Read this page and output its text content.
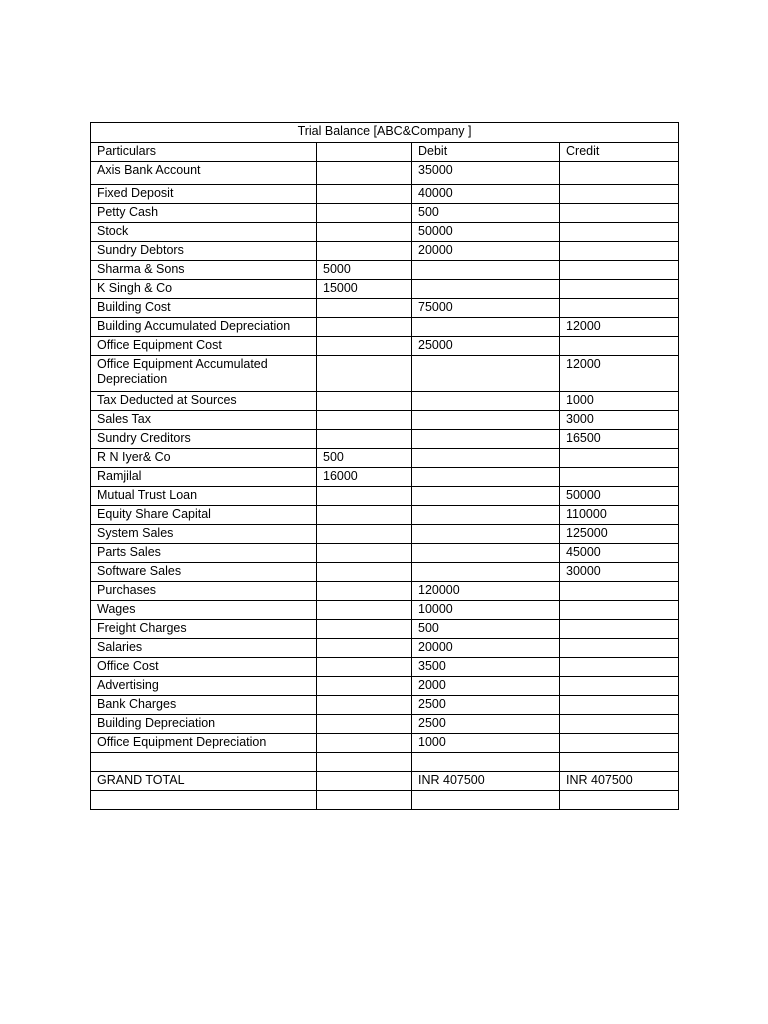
Trial Balance [ABC&Company ]			
Particulars		Debit	Credit
Axis Bank Account		35000	
Fixed Deposit		40000	
Petty Cash		500	
Stock		50000	
Sundry Debtors		20000	
Sharma & Sons	5000		
K Singh & Co	15000		
Building Cost		75000	
Building Accumulated Depreciation			12000
Office Equipment Cost		25000	
Office Equipment Accumulated Depreciation			12000
Tax Deducted at Sources			1000
Sales Tax			3000
Sundry Creditors			16500
R N Iyer& Co	500		
Ramjilal	16000		
Mutual Trust Loan			50000
Equity Share Capital			110000
System Sales			125000
Parts Sales			45000
Software Sales			30000
Purchases		120000	
Wages		10000	
Freight Charges		500	
Salaries		20000	
Office Cost		3500	
Advertising		2000	
Bank Charges		2500	
Building Depreciation		2500	
Office Equipment Depreciation		1000	

GRAND TOTAL		INR 407500	INR 407500
